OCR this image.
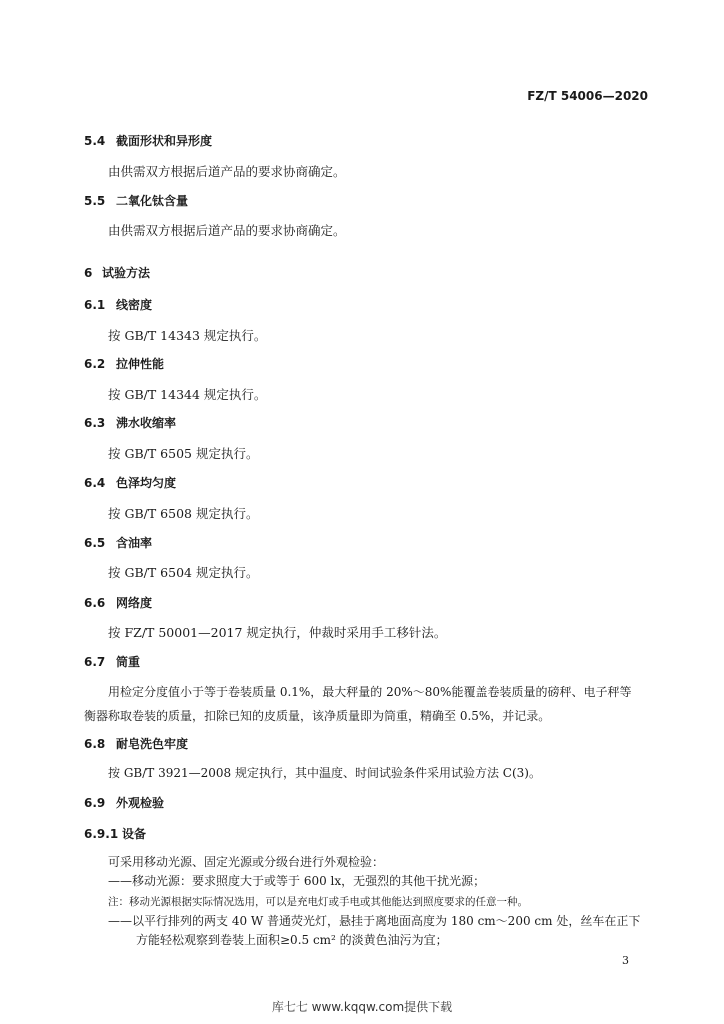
FZ/T 54006—2020
5.4 截面形状和异形度
由供需双方根据后道产品的要求协商确定。
5.5 二氧化钛含量
由供需双方根据后道产品的要求协商确定。
6 试验方法
6.1 线密度
按 GB/T 14343 规定执行。
6.2 拉伸性能
按 GB/T 14344 规定执行。
6.3 沸水收缩率
按 GB/T 6505 规定执行。
6.4 色泽均匀度
按 GB/T 6508 规定执行。
6.5 含油率
按 GB/T 6504 规定执行。
6.6 网络度
按 FZ/T 50001—2017 规定执行，仲裁时采用手工移针法。
6.7 筒重
用检定分度值小于等于卷装质量 0.1%，最大秤量的 20%～80%能覆盖卷装质量的磅秤、电子秤等
衡器称取卷装的质量，扣除已知的皮质量，该净质量即为筒重，精确至 0.5%，并记录。
6.8 耐皂洗色牢度
按 GB/T 3921—2008 规定执行，其中温度、时间试验条件采用试验方法 C(3)。
6.9 外观检验
6.9.1 设备
可采用移动光源、固定光源或分级台进行外观检验：
——移动光源：要求照度大于或等于 600 lx，无强烈的其他干扰光源；
注：移动光源根据实际情况选用，可以是充电灯或手电或其他能达到照度要求的任意一种。
——以平行排列的两支 40 W 普通荧光灯，悬挂于离地面高度为 180 cm～200 cm 处，丝车在正下
方能轻松观察到卷装上面积≥0.5 cm² 的淡黄色油污为宜；
3
库七七 www.kqqw.com提供下载
